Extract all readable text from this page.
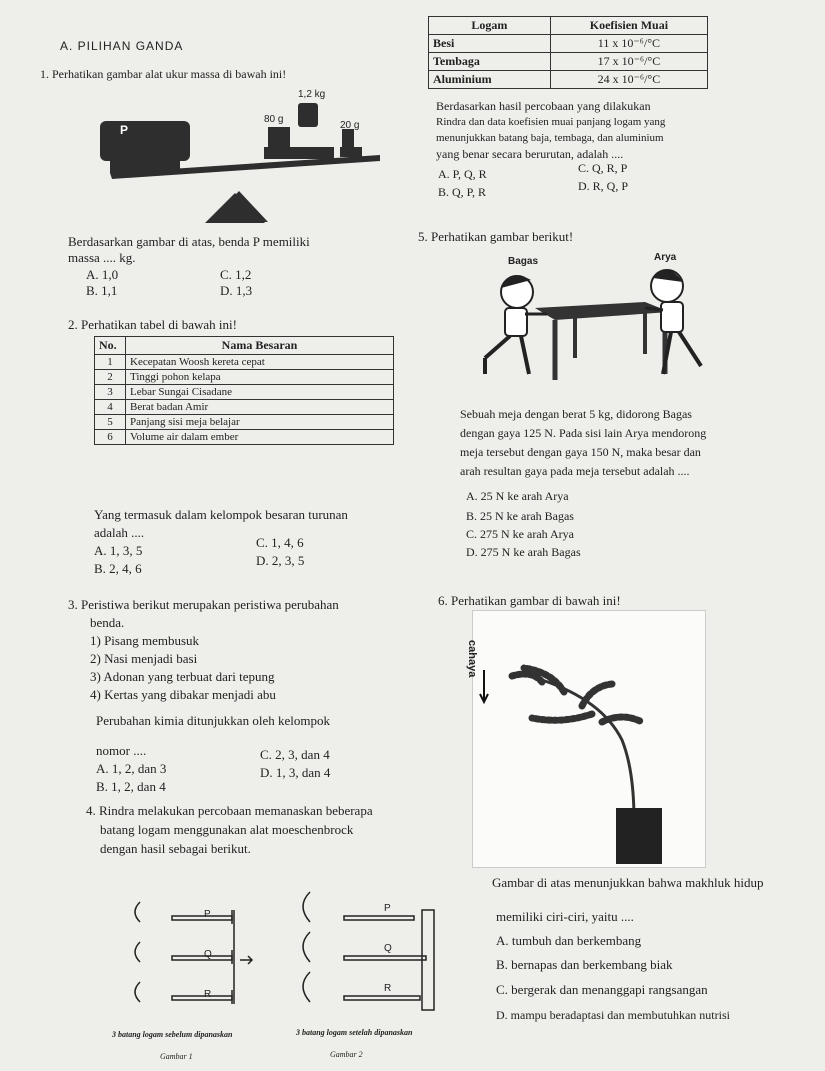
A. PILIHAN GANDA
1. Perhatikan gambar alat ukur massa di bawah ini!
P
1,2 kg
80 g
20 g
Berdasarkan gambar di atas, benda P memiliki
massa .... kg.
A. 1,0
B. 1,1
C. 1,2
D. 1,3
2. Perhatikan tabel di bawah ini!
No.	Nama Besaran
1	Kecepatan Woosh kereta cepat
2	Tinggi pohon kelapa
3	Lebar Sungai Cisadane
4	Berat badan Amir
5	Panjang sisi meja belajar
6	Volume air dalam ember
Yang termasuk dalam kelompok besaran turunan
adalah ....
A. 1, 3, 5
B. 2, 4, 6
C. 1, 4, 6
D. 2, 3, 5
3. Peristiwa berikut merupakan peristiwa perubahan
benda.
1) Pisang membusuk
2) Nasi menjadi basi
3) Adonan yang terbuat dari tepung
4) Kertas yang dibakar menjadi abu
Perubahan kimia ditunjukkan oleh kelompok
nomor ....
A. 1, 2, dan 3
B. 1, 2, dan 4
C. 2, 3, dan 4
D. 1, 3, dan 4
4. Rindra melakukan percobaan memanaskan beberapa
batang logam menggunakan alat moeschenbrock
dengan hasil sebagai berikut.
P
Q
R
P
Q
R
3 batang logam sebelum dipanaskan	3 batang logam setelah dipanaskan
Gambar 1	Gambar 2
Logam	Koefisien Muai
Besi	11 x 10⁻⁶/°C
Tembaga	17 x 10⁻⁶/°C
Aluminium	24 x 10⁻⁶/°C
Berdasarkan hasil percobaan yang dilakukan
Rindra dan data koefisien muai panjang logam yang
menunjukkan batang baja, tembaga, dan aluminium
yang benar secara berurutan, adalah ....
A. P, Q, R
B. Q, P, R
C. Q, R, P
D. R, Q, P
5. Perhatikan gambar berikut!
Bagas	Arya
Sebuah meja dengan berat 5 kg, didorong Bagas
dengan gaya 125 N. Pada sisi lain Arya mendorong
meja tersebut dengan gaya 150 N, maka besar dan
arah resultan gaya pada meja tersebut adalah ....
A. 25 N ke arah Arya
B. 25 N ke arah Bagas
C. 275 N ke arah Arya
D. 275 N ke arah Bagas
6. Perhatikan gambar di bawah ini!
cahaya
Gambar di atas menunjukkan bahwa makhluk hidup
memiliki ciri-ciri, yaitu ....
A. tumbuh dan berkembang
B. bernapas dan berkembang biak
C. bergerak dan menanggapi rangsangan
D. mampu beradaptasi dan membutuhkan nutrisi
